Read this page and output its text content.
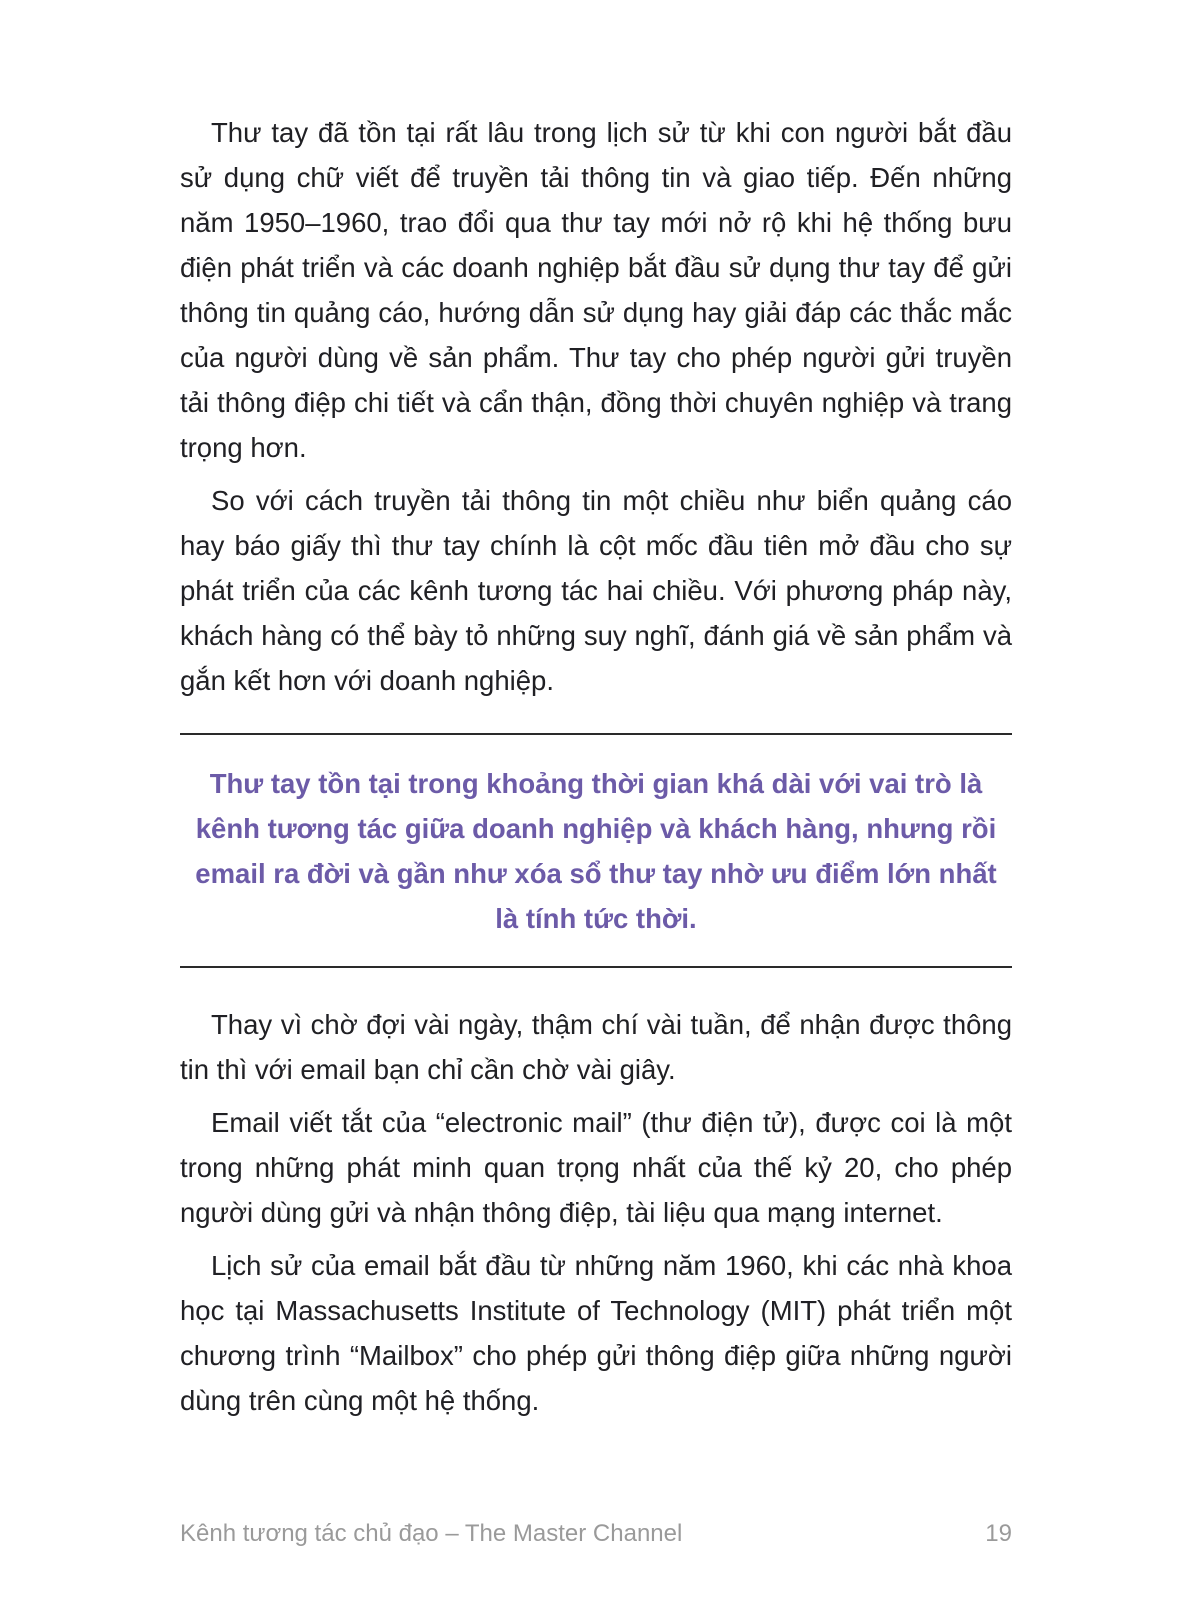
Thư tay đã tồn tại rất lâu trong lịch sử từ khi con người bắt đầu sử dụng chữ viết để truyền tải thông tin và giao tiếp. Đến những năm 1950–1960, trao đổi qua thư tay mới nở rộ khi hệ thống bưu điện phát triển và các doanh nghiệp bắt đầu sử dụng thư tay để gửi thông tin quảng cáo, hướng dẫn sử dụng hay giải đáp các thắc mắc của người dùng về sản phẩm. Thư tay cho phép người gửi truyền tải thông điệp chi tiết và cẩn thận, đồng thời chuyên nghiệp và trang trọng hơn.

So với cách truyền tải thông tin một chiều như biển quảng cáo hay báo giấy thì thư tay chính là cột mốc đầu tiên mở đầu cho sự phát triển của các kênh tương tác hai chiều. Với phương pháp này, khách hàng có thể bày tỏ những suy nghĩ, đánh giá về sản phẩm và gắn kết hơn với doanh nghiệp.

Thư tay tồn tại trong khoảng thời gian khá dài với vai trò là kênh tương tác giữa doanh nghiệp và khách hàng, nhưng rồi email ra đời và gần như xóa sổ thư tay nhờ ưu điểm lớn nhất là tính tức thời.

Thay vì chờ đợi vài ngày, thậm chí vài tuần, để nhận được thông tin thì với email bạn chỉ cần chờ vài giây.

Email viết tắt của “electronic mail” (thư điện tử), được coi là một trong những phát minh quan trọng nhất của thế kỷ 20, cho phép người dùng gửi và nhận thông điệp, tài liệu qua mạng internet.

Lịch sử của email bắt đầu từ những năm 1960, khi các nhà khoa học tại Massachusetts Institute of Technology (MIT) phát triển một chương trình “Mailbox” cho phép gửi thông điệp giữa những người dùng trên cùng một hệ thống.

Kênh tương tác chủ đạo – The Master Channel	19
